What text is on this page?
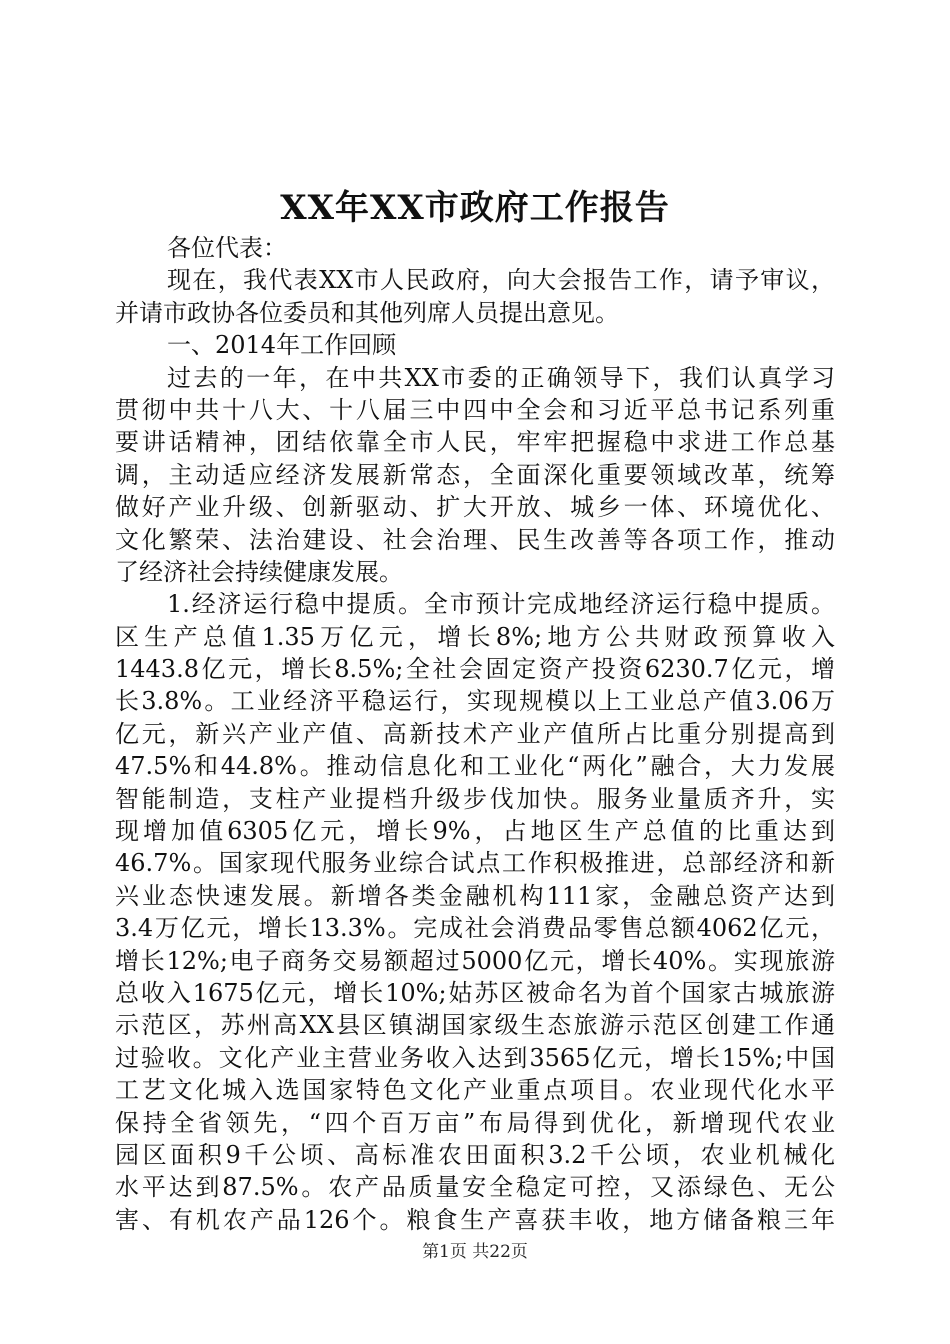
XX年XX市政府工作报告
各位代表：
现在，我代表XX市人民政府，向大会报告工作，请予审议，
并请市政协各位委员和其他列席人员提出意见。
一、2014年工作回顾
过去的一年，在中共XX市委的正确领导下，我们认真学习
贯彻中共十八大、十八届三中四中全会和习近平总书记系列重
要讲话精神，团结依靠全市人民，牢牢把握稳中求进工作总基
调，主动适应经济发展新常态，全面深化重要领域改革，统筹
做好产业升级、创新驱动、扩大开放、城乡一体、环境优化、
文化繁荣、法治建设、社会治理、民生改善等各项工作，推动
了经济社会持续健康发展。
1.经济运行稳中提质。全市预计完成地经济运行稳中提质。
区生产总值1.35万亿元，增长8%;地方公共财政预算收入
1443.8亿元，增长8.5%;全社会固定资产投资6230.7亿元，增
长3.8%。工业经济平稳运行，实现规模以上工业总产值3.06万
亿元，新兴产业产值、高新技术产业产值所占比重分别提高到
47.5%和44.8%。推动信息化和工业化“两化”融合，大力发展
智能制造，支柱产业提档升级步伐加快。服务业量质齐升，实
现增加值6305亿元，增长9%，占地区生产总值的比重达到
46.7%。国家现代服务业综合试点工作积极推进，总部经济和新
兴业态快速发展。新增各类金融机构111家，金融总资产达到
3.4万亿元，增长13.3%。完成社会消费品零售总额4062亿元，
增长12%;电子商务交易额超过5000亿元，增长40%。实现旅游
总收入1675亿元，增长10%;姑苏区被命名为首个国家古城旅游
示范区，苏州高XX县区镇湖国家级生态旅游示范区创建工作通
过验收。文化产业主营业务收入达到3565亿元，增长15%;中国
工艺文化城入选国家特色文化产业重点项目。农业现代化水平
保持全省领先，“四个百万亩”布局得到优化，新增现代农业
园区面积9千公顷、高标准农田面积3.2千公顷，农业机械化
水平达到87.5%。农产品质量安全稳定可控，又添绿色、无公
害、有机农产品126个。粮食生产喜获丰收，地方储备粮三年
第1页 共22页
